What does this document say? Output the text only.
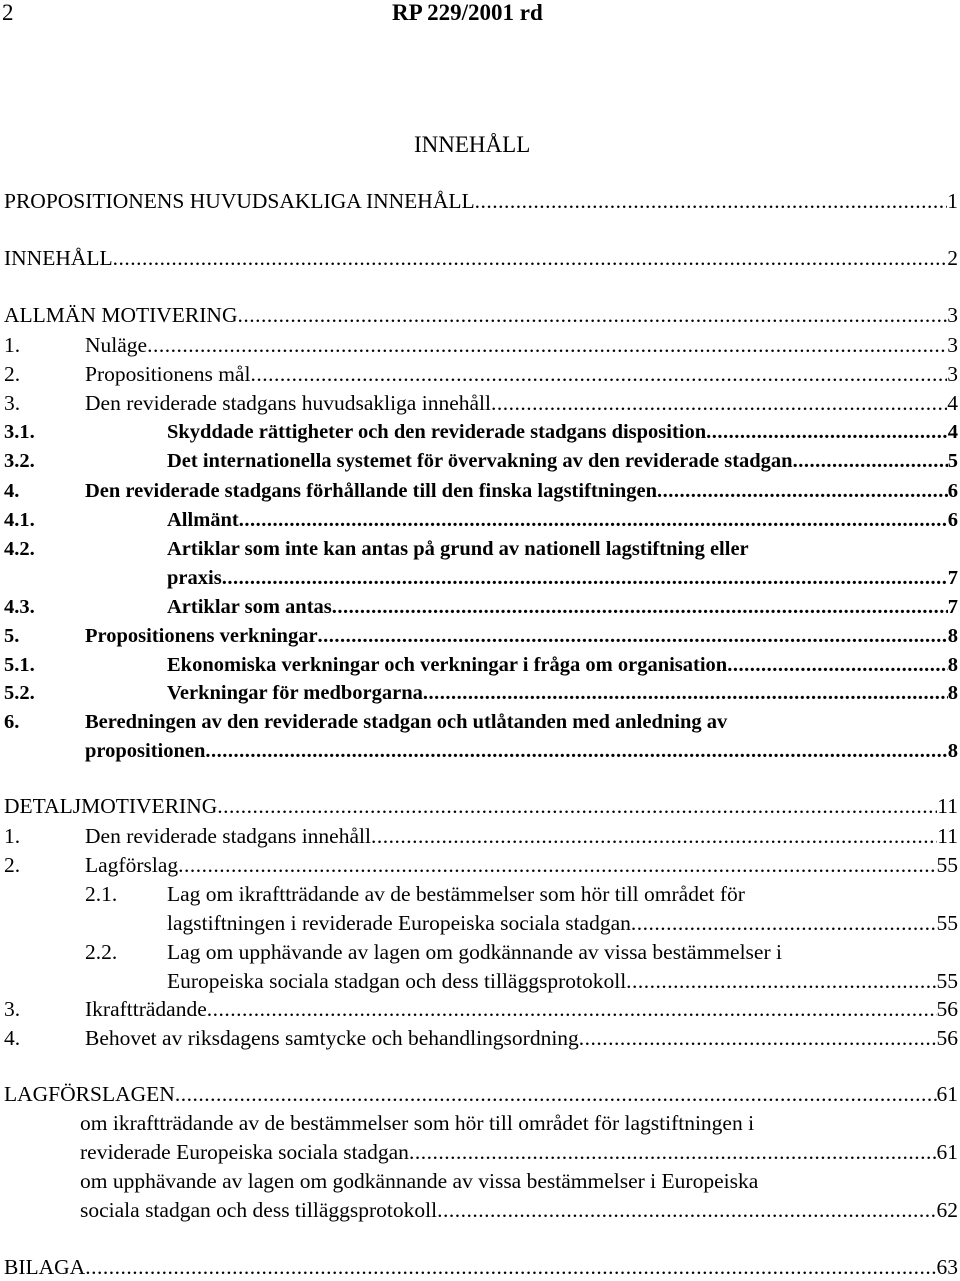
2	RP 229/2001 rd
INNEHÅLL
PROPOSITIONENS HUVUDSAKLIGA INNEHÅLL .....	1
INNEHÅLL .....	2
ALLMÄN MOTIVERING .....	3
1.	Nuläge .....	3
2.	Propositionens mål .....	3
3.	Den reviderade stadgans huvudsakliga innehåll .....	4
3.1.	Skyddade rättigheter och den reviderade stadgans disposition .....	4
3.2.	Det internationella systemet för övervakning av den reviderade stadgan .....	5
4.	Den reviderade stadgans förhållande till den finska lagstiftningen .....	6
4.1.	Allmänt .....	6
4.2.	Artiklar som inte kan antas på grund av nationell lagstiftning eller
praxis .....	7
4.3.	Artiklar som antas .....	7
5.	Propositionens verkningar .....	8
5.1.	Ekonomiska verkningar och verkningar i fråga om organisation .....	8
5.2.	Verkningar för medborgarna .....	8
6.	Beredningen av den reviderade stadgan och utlåtanden med anledning av
propositionen .....	8
DETALJMOTIVERING .....	11
1.	Den reviderade stadgans innehåll .....	11
2.	Lagförslag .....	55
2.1.	Lag om ikraftträdande av de bestämmelser som hör till området för
lagstiftningen i reviderade Europeiska sociala stadgan .....	55
2.2.	Lag om upphävande av lagen om godkännande av vissa bestämmelser i
Europeiska sociala stadgan och dess tilläggsprotokoll .....	55
3.	Ikraftträdande .....	56
4.	Behovet av riksdagens samtycke och behandlingsordning .....	56
LAGFÖRSLAGEN .....	61
om ikraftträdande av de bestämmelser som hör till området för lagstiftningen i
reviderade Europeiska sociala stadgan .....	61
om upphävande av lagen om godkännande av vissa bestämmelser i Europeiska
sociala stadgan och dess tilläggsprotokoll .....	62
BILAGA .....	63
